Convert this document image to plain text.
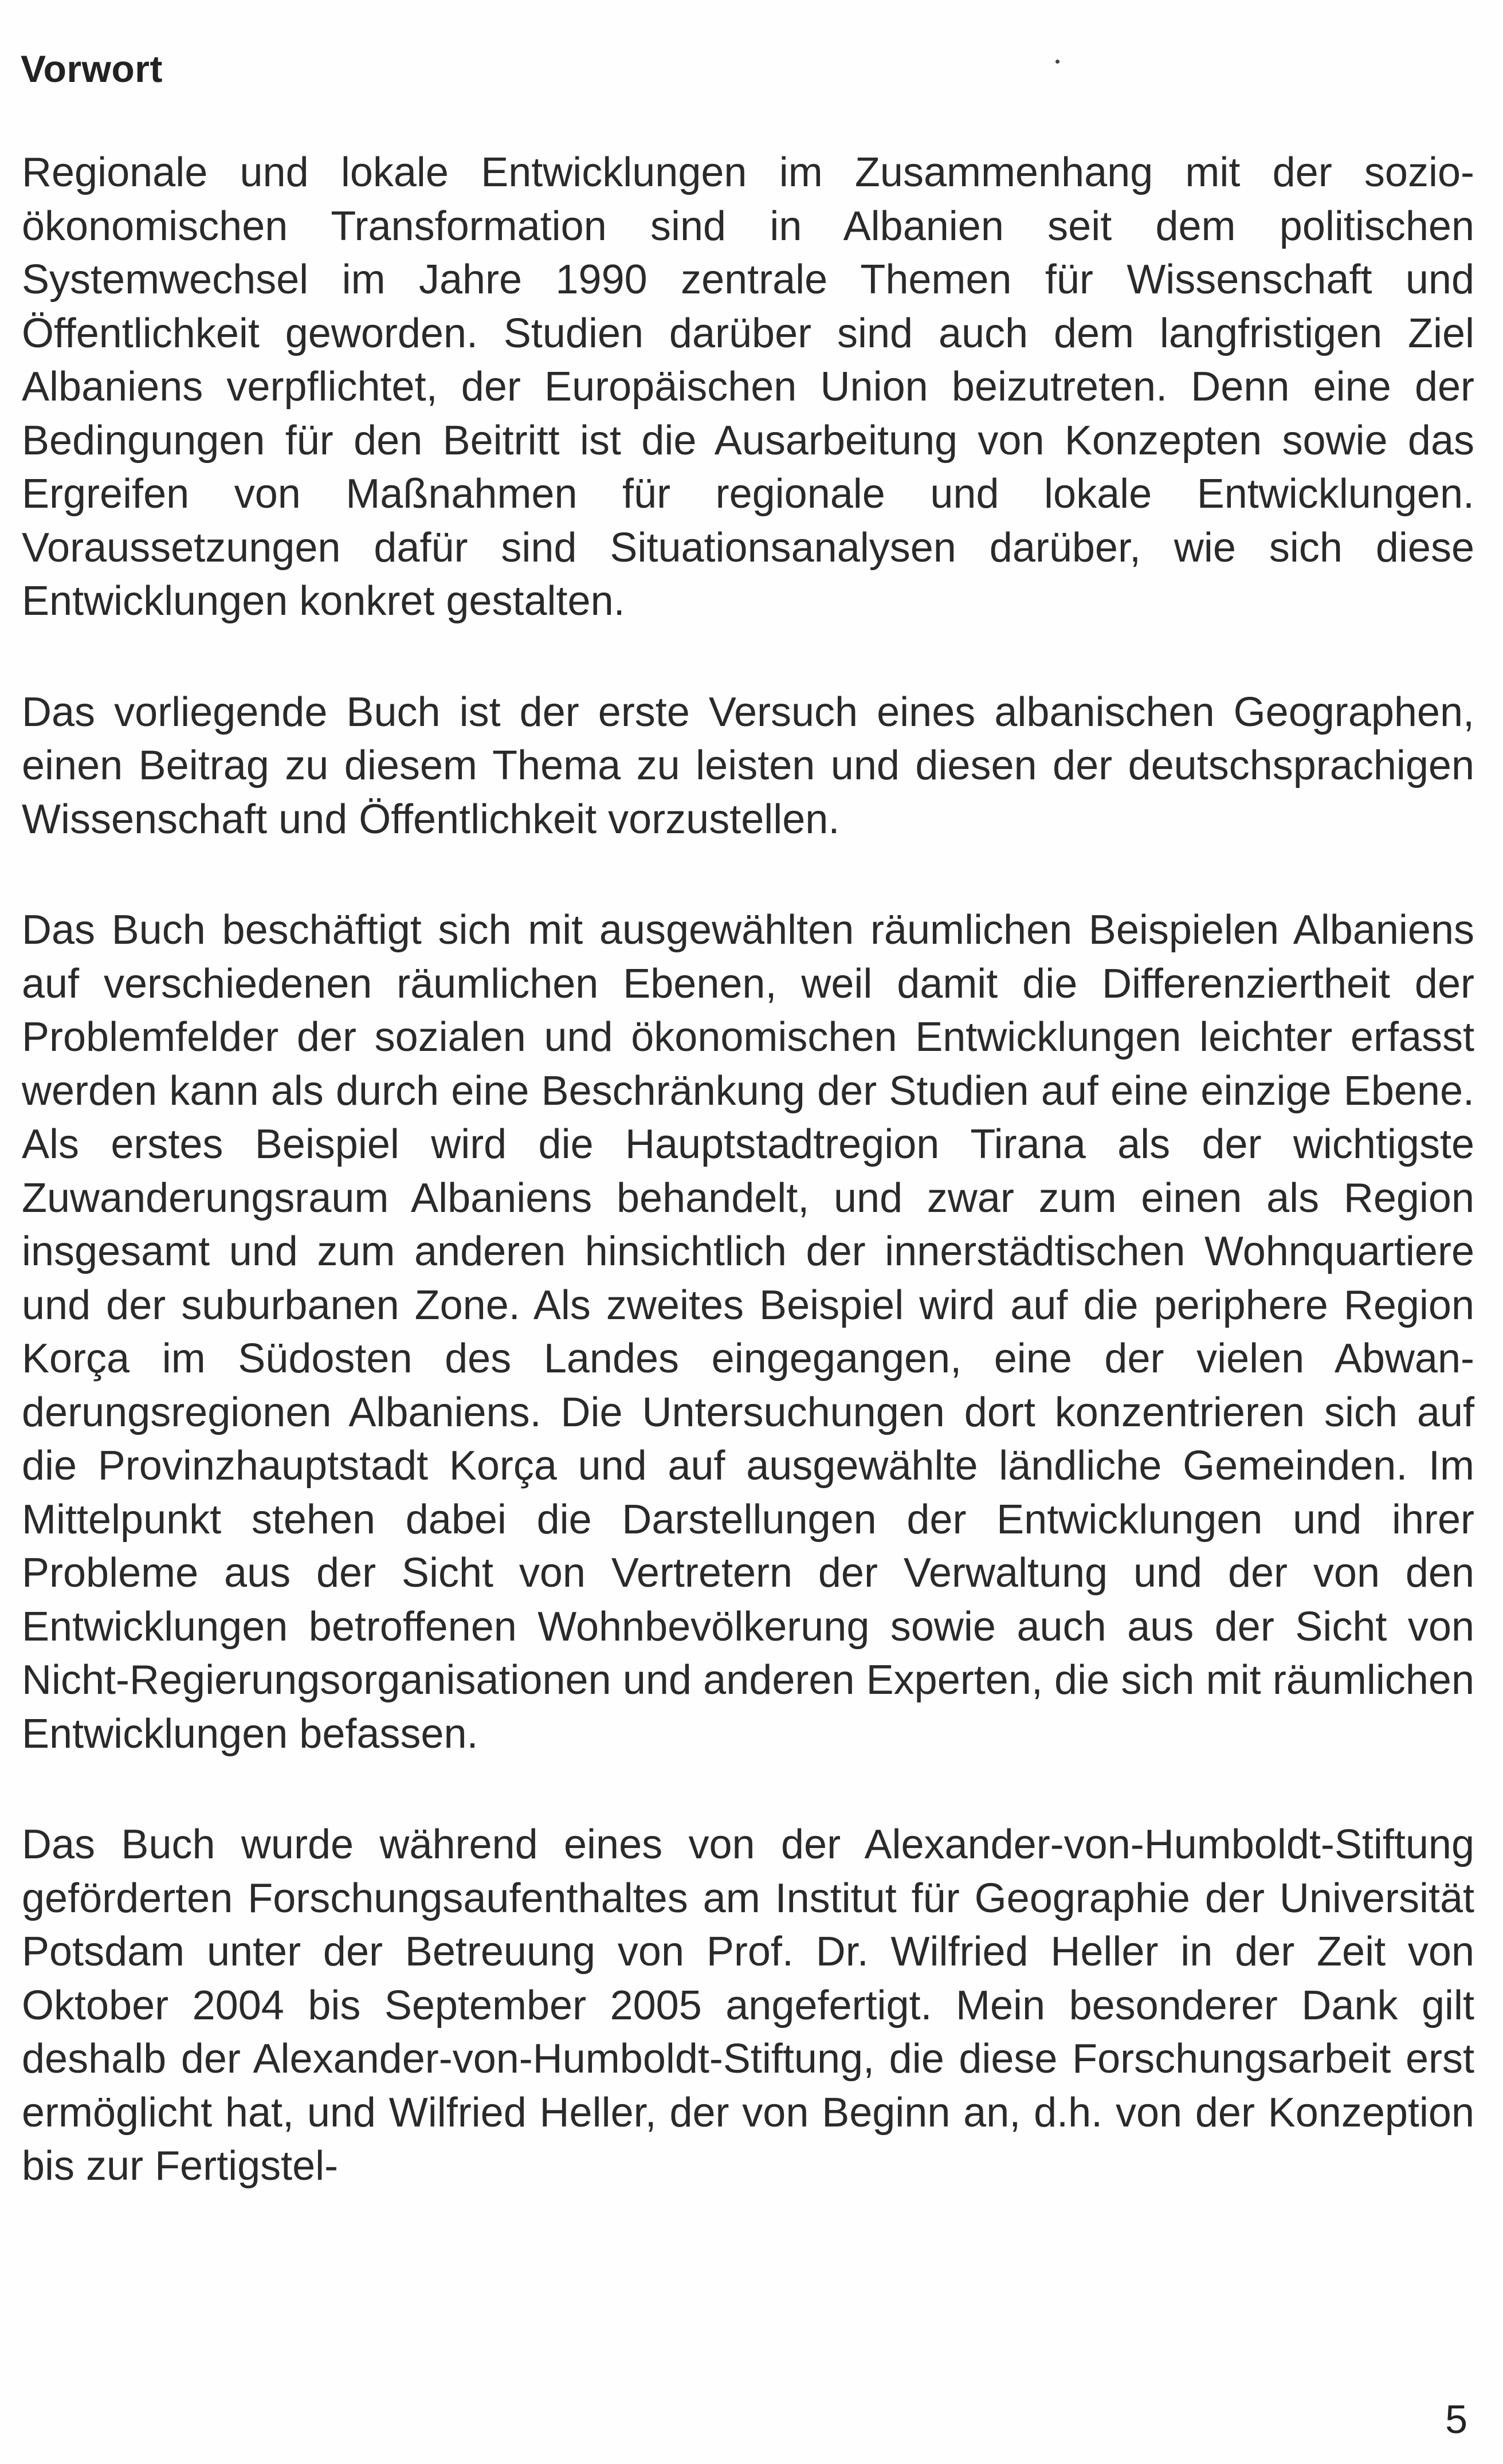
Vorwort

Regionale und lokale Entwicklungen im Zusammenhang mit der sozioökonomischen Transformation sind in Albanien seit dem politischen Systemwechsel im Jahre 1990 zentrale Themen für Wissenschaft und Öffentlichkeit geworden. Studien darüber sind auch dem langfristigen Ziel Albaniens verpflichtet, der Europäischen Union beizutreten. Denn eine der Bedingungen für den Beitritt ist die Ausarbeitung von Konzepten sowie das Ergreifen von Maßnahmen für regionale und lokale Entwicklungen. Voraussetzungen dafür sind Situationsanalysen darüber, wie sich diese Entwicklungen konkret gestalten.

Das vorliegende Buch ist der erste Versuch eines albanischen Geographen, einen Beitrag zu diesem Thema zu leisten und diesen der deutschsprachigen Wissenschaft und Öffentlichkeit vorzustellen.

Das Buch beschäftigt sich mit ausgewählten räumlichen Beispielen Albaniens auf verschiedenen räumlichen Ebenen, weil damit die Differenziertheit der Problemfelder der sozialen und ökonomischen Entwicklungen leichter erfasst werden kann als durch eine Beschränkung der Studien auf eine einzige Ebene. Als erstes Beispiel wird die Hauptstadtregion Tirana als der wichtigste Zuwanderungsraum Albaniens behandelt, und zwar zum einen als Region insgesamt und zum anderen hinsichtlich der innerstädtischen Wohnquartiere und der suburbanen Zone. Als zweites Beispiel wird auf die periphere Region Korça im Südosten des Landes eingegangen, eine der vielen Abwanderungsregionen Albaniens. Die Untersuchungen dort konzentrieren sich auf die Provinzhauptstadt Korça und auf ausgewählte ländliche Gemeinden. Im Mittelpunkt stehen dabei die Darstellungen der Entwicklungen und ihrer Probleme aus der Sicht von Vertretern der Verwaltung und der von den Entwicklungen betroffenen Wohnbevölkerung sowie auch aus der Sicht von Nicht-Regierungsorganisationen und anderen Experten, die sich mit räumlichen Entwicklungen befassen.

Das Buch wurde während eines von der Alexander-von-Humboldt-Stiftung geförderten Forschungsaufenthaltes am Institut für Geographie der Universität Potsdam unter der Betreuung von Prof. Dr. Wilfried Heller in der Zeit von Oktober 2004 bis September 2005 angefertigt. Mein besonderer Dank gilt deshalb der Alexander-von-Humboldt-Stiftung, die diese Forschungsarbeit erst ermöglicht hat, und Wilfried Heller, der von Beginn an, d.h. von der Konzeption bis zur Fertigstel-

5
